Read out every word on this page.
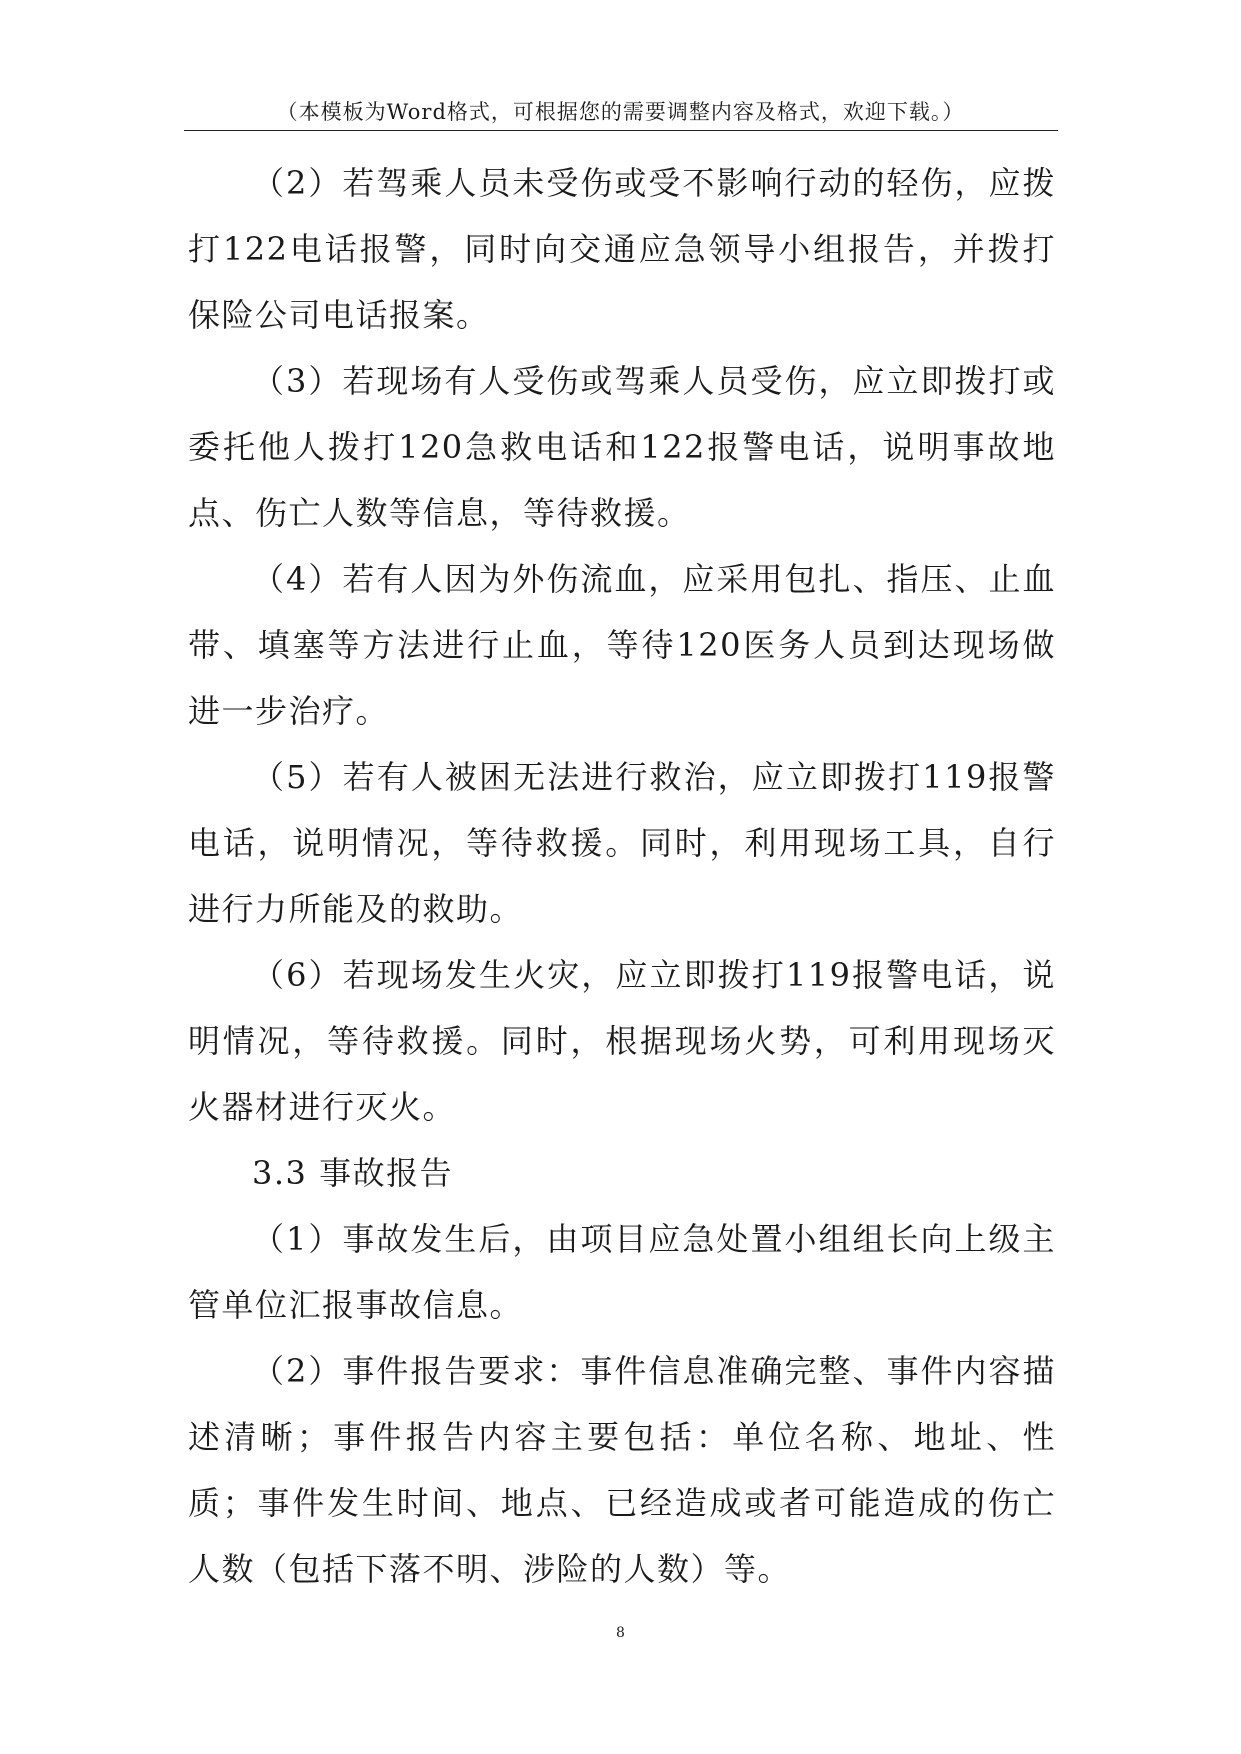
（本模板为Word格式，可根据您的需要调整内容及格式，欢迎下载。）

（2）若驾乘人员未受伤或受不影响行动的轻伤，应拨打122电话报警，同时向交通应急领导小组报告，并拨打保险公司电话报案。

（3）若现场有人受伤或驾乘人员受伤，应立即拨打或委托他人拨打120急救电话和122报警电话，说明事故地点、伤亡人数等信息，等待救援。

（4）若有人因为外伤流血，应采用包扎、指压、止血带、填塞等方法进行止血，等待120医务人员到达现场做进一步治疗。

（5）若有人被困无法进行救治，应立即拨打119报警电话，说明情况，等待救援。同时，利用现场工具，自行进行力所能及的救助。

（6）若现场发生火灾，应立即拨打119报警电话，说明情况，等待救援。同时，根据现场火势，可利用现场灭火器材进行灭火。

3.3 事故报告

（1）事故发生后，由项目应急处置小组组长向上级主管单位汇报事故信息。

（2）事件报告要求：事件信息准确完整、事件内容描述清晰；事件报告内容主要包括：单位名称、地址、性质；事件发生时间、地点、已经造成或者可能造成的伤亡人数（包括下落不明、涉险的人数）等。

8
